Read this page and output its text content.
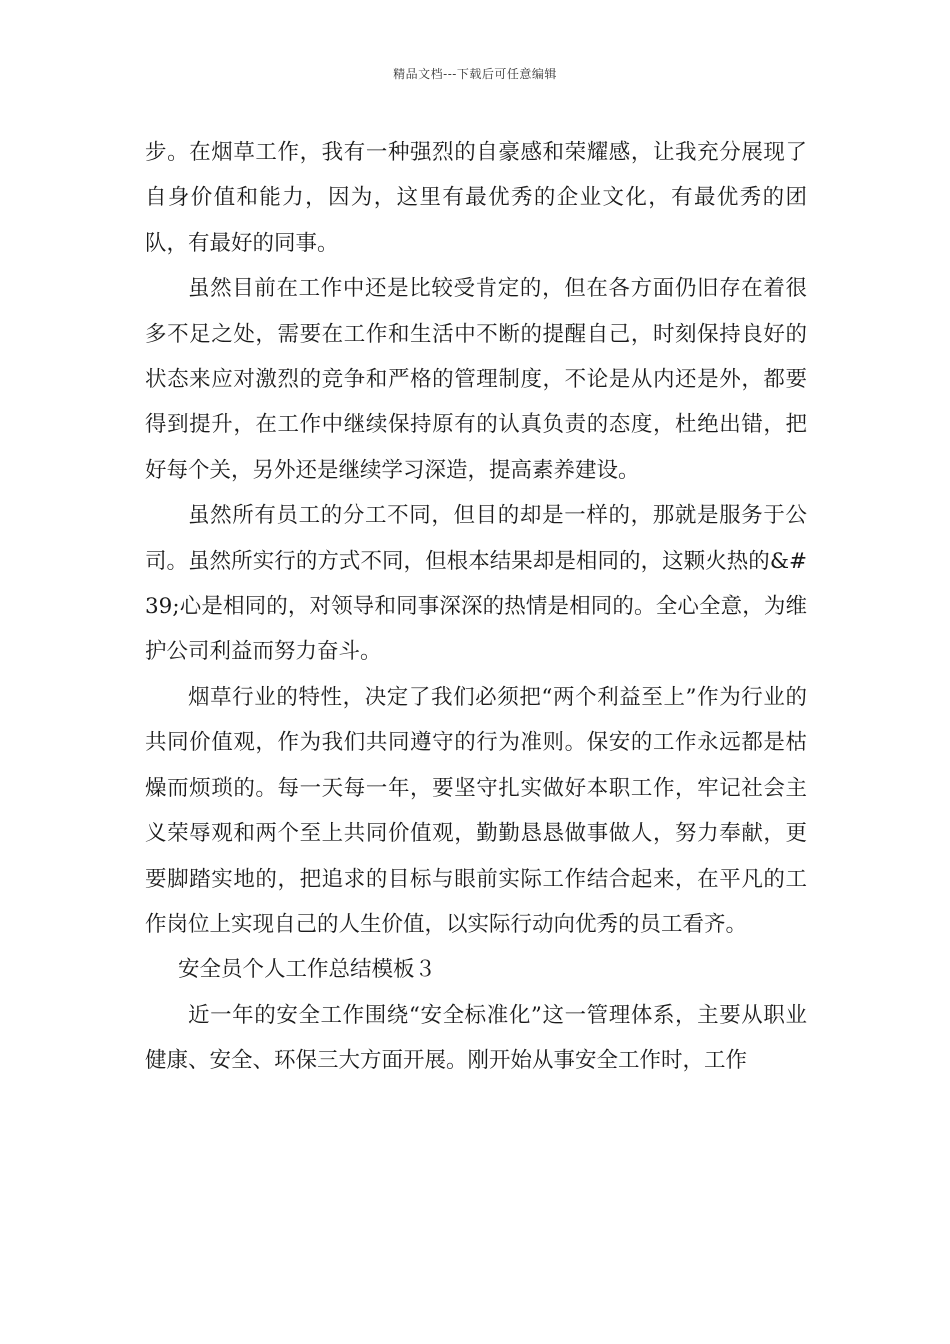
精品文档---下载后可任意编辑

步。在烟草工作，我有一种强烈的自豪感和荣耀感，让我充分展现了自身价值和能力，因为，这里有最优秀的企业文化，有最优秀的团队，有最好的同事。

虽然目前在工作中还是比较受肯定的，但在各方面仍旧存在着很多不足之处，需要在工作和生活中不断的提醒自己，时刻保持良好的状态来应对激烈的竞争和严格的管理制度，不论是从内还是外，都要得到提升，在工作中继续保持原有的认真负责的态度，杜绝出错，把好每个关，另外还是继续学习深造，提高素养建设。

虽然所有员工的分工不同，但目的却是一样的，那就是服务于公司。虽然所实行的方式不同，但根本结果却是相同的，这颗火热的&#39;心是相同的，对领导和同事深深的热情是相同的。全心全意，为维护公司利益而努力奋斗。

烟草行业的特性，决定了我们必须把“两个利益至上”作为行业的共同价值观，作为我们共同遵守的行为准则。保安的工作永远都是枯燥而烦琐的。每一天每一年，要坚守扎实做好本职工作，牢记社会主义荣辱观和两个至上共同价值观，勤勤恳恳做事做人，努力奉献，更要脚踏实地的，把追求的目标与眼前实际工作结合起来，在平凡的工作岗位上实现自己的人生价值，以实际行动向优秀的员工看齐。

安全员个人工作总结模板３

近一年的安全工作围绕“安全标准化”这一管理体系，主要从职业健康、安全、环保三大方面开展。刚开始从事安全工作时，工作
